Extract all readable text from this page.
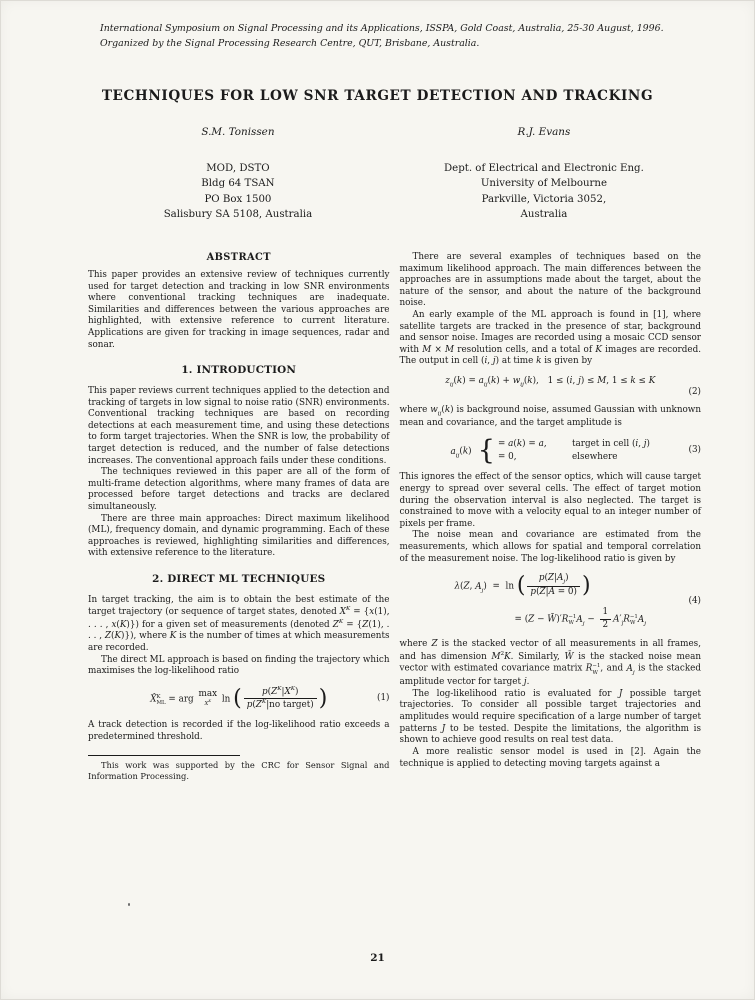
International Symposium on Signal Processing and its Applications, ISSPA, Gold Coast, Australia, 25-30 August, 1996.
Organized by the Signal Processing Research Centre, QUT, Brisbane, Australia.
TECHNIQUES FOR LOW SNR TARGET DETECTION AND TRACKING
S.M. Tonissen
MOD, DSTO
Bldg 64 TSAN
PO Box 1500
Salisbury SA 5108, Australia
R.J. Evans
Dept. of Electrical and Electronic Eng.
University of Melbourne
Parkville, Victoria 3052,
Australia
ABSTRACT

This paper provides an extensive review of techniques currently used for target detection and tracking in low SNR environments where conventional tracking techniques are inadequate. Similarities and differences between the various approaches are highlighted, with extensive reference to current literature. Applications are given for tracking in image sequences, radar and sonar.

1. INTRODUCTION

This paper reviews current techniques applied to the detection and tracking of targets in low signal to noise ratio (SNR) environments. Conventional tracking techniques are based on recording detections at each measurement time, and using these detections to form target trajectories. When the SNR is low, the probability of target detection is reduced, and the number of false detections increases. The conventional approach fails under these conditions.

The techniques reviewed in this paper are all of the form of multi-frame detection algorithms, where many frames of data are processed before target detections and tracks are declared simultaneously.

There are three main approaches: Direct maximum likelihood (ML), frequency domain, and dynamic programming. Each of these approaches is reviewed, highlighting similarities and differences, with extensive reference to the literature.

2. DIRECT ML TECHNIQUES

In target tracking, the aim is to obtain the best estimate of the target trajectory (or sequence of target states, denoted $X^K = \{x(1)$, . . . , x(K)}) for a given set of measurements (denoted $Z^K = \{Z(1)$, . . . , Z(K)}), where K is the number of times at which measurements are recorded.

The direct ML approach is based on finding the trajectory which maximises the log-likelihood ratio

X̂ K
ML = arg max
$X^K$ ln ( $\frac{p(Z^K|X^K)}{p(Z^K|no target)}$ )	(1)

A track detection is recorded if the log-likelihood ratio exceeds a predetermined threshold.

This work was supported by the CRC for Sensor Signal and Information Processing.

There are several examples of techniques based on the maximum likelihood approach. The main differences between the approaches are in assumptions made about the target, about the nature of the sensor, and about the nature of the background noise.

An early example of the ML approach is found in [1], where satellite targets are tracked in the presence of star, background and sensor noise. Images are recorded using a mosaic CCD sensor with M × M resolution cells, and a total of K images are recorded. The output in cell (i, j) at time k is given by

$z_{ij}(k) = a_{ij}(k) + w_{ij}(k)$, 1 ≤ (i, j) ≤ M, 1 ≤ k ≤ K
(2)

where $w_{ij}(k)$ is background noise, assumed Gaussian with unknown mean and covariance, and the target amplitude is

$a_{ij}(k)$ { = a(k) = a,	target in cell (i, j)
= 0,	elsewhere
(3)

This ignores the effect of the sensor optics, which will cause target energy to spread over several cells. The effect of target motion during the observation interval is also neglected. The target is constrained to move with a velocity equal to an integer number of pixels per frame.

The noise mean and covariance are estimated from the measurements, which allows for spatial and temporal correlation of the measurement noise. The log-likelihood ratio is given by

λ(Z, $A_j$)  =  ln ( $\frac{p(Z|A_j)}{p(Z|A = 0)}$ )
= (Z − W̄)′R −1
W $A_j - \frac{1}{2} A'_jR -1$
W $A_j$
(4)

where Z is the stacked vector of all measurements in all frames, and has dimension $M^2K$. Similarly, W̄ is the stacked noise mean vector with estimated covariance matrix R −1
W , and $A_j$ is the stacked amplitude vector for target j.

The log-likelihood ratio is evaluated for J possible target trajectories. To consider all possible target trajectories and amplitudes would require specification of a large number of target patterns J to be tested. Despite the limitations, the algorithm is shown to achieve good results on real test data.

A more realistic sensor model is used in [2]. Again the technique is applied to detecting moving targets against a

21
